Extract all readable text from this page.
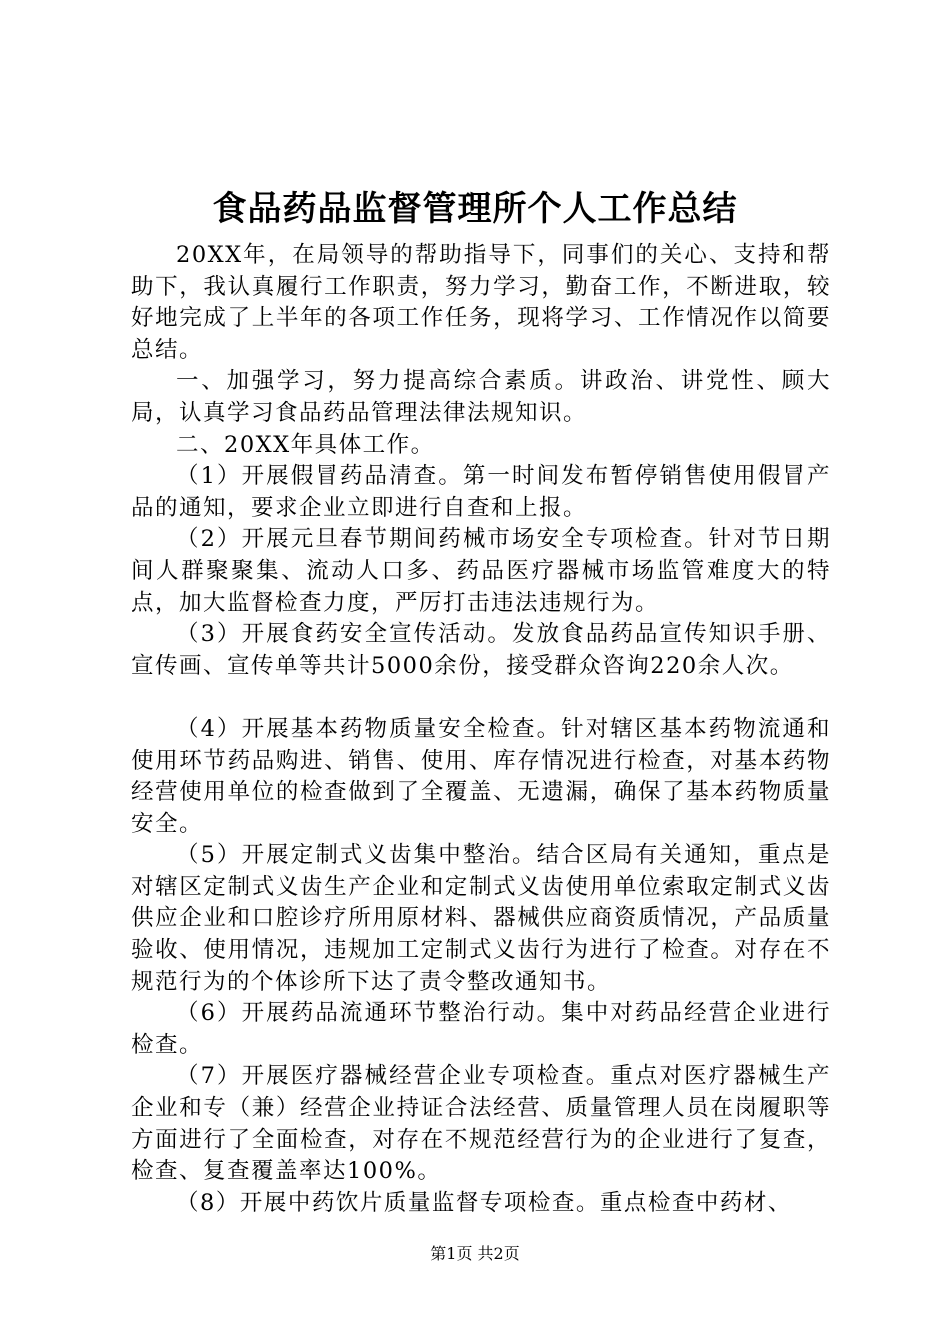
食品药品监督管理所个人工作总结

20XX年，在局领导的帮助指导下，同事们的关心、支持和帮助下，我认真履行工作职责，努力学习，勤奋工作，不断进取，较好地完成了上半年的各项工作任务，现将学习、工作情况作以简要总结。

一、加强学习，努力提高综合素质。讲政治、讲党性、顾大局，认真学习食品药品管理法律法规知识。

二、20XX年具体工作。

（1）开展假冒药品清查。第一时间发布暂停销售使用假冒产品的通知，要求企业立即进行自查和上报。

（2）开展元旦春节期间药械市场安全专项检查。针对节日期间人群聚聚集、流动人口多、药品医疗器械市场监管难度大的特点，加大监督检查力度，严厉打击违法违规行为。

（3）开展食药安全宣传活动。发放食品药品宣传知识手册、宣传画、宣传单等共计5000余份，接受群众咨询220余人次。

（4）开展基本药物质量安全检查。针对辖区基本药物流通和使用环节药品购进、销售、使用、库存情况进行检查，对基本药物经营使用单位的检查做到了全覆盖、无遗漏，确保了基本药物质量安全。

（5）开展定制式义齿集中整治。结合区局有关通知，重点是对辖区定制式义齿生产企业和定制式义齿使用单位索取定制式义齿供应企业和口腔诊疗所用原材料、器械供应商资质情况，产品质量验收、使用情况，违规加工定制式义齿行为进行了检查。对存在不规范行为的个体诊所下达了责令整改通知书。

（6）开展药品流通环节整治行动。集中对药品经营企业进行检查。

（7）开展医疗器械经营企业专项检查。重点对医疗器械生产企业和专（兼）经营企业持证合法经营、质量管理人员在岗履职等方面进行了全面检查，对存在不规范经营行为的企业进行了复查，检查、复查覆盖率达100%。

（8）开展中药饮片质量监督专项检查。重点检查中药材、

第1页 共2页
